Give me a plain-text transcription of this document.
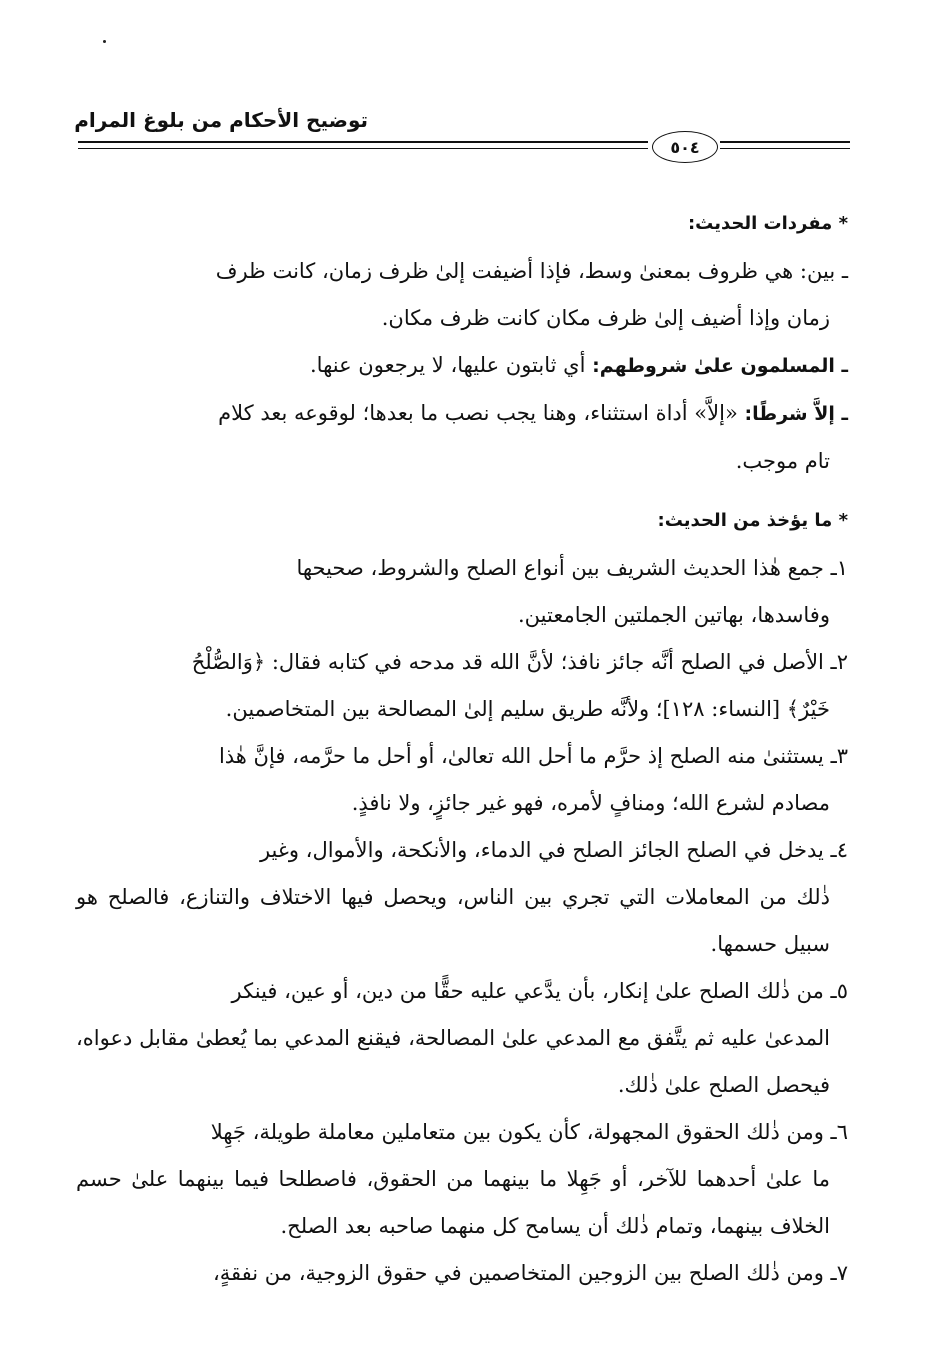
توضيح الأحكام من بلوغ المرام
٥٠٤
* مفردات الحديث:
ـ بين: هي ظروف بمعنىٰ وسط، فإذا أضيفت إلىٰ ظرف زمان، كانت ظرف
زمان وإذا أضيف إلىٰ ظرف مكان كانت ظرف مكان.
ـ المسلمون علىٰ شروطهم: أي ثابتون عليها، لا يرجعون عنها.
ـ إلاَّ شرطًا: «إلاَّ» أداة استثناء، وهنا يجب نصب ما بعدها؛ لوقوعه بعد كلام
تام موجب.
* ما يؤخذ من الحديث:
١ـ جمع هٰذا الحديث الشريف بين أنواع الصلح والشروط، صحيحها
وفاسدها، بهاتين الجملتين الجامعتين.
٢ـ الأصل في الصلح أنَّه جائز نافذ؛ لأنَّ الله قد مدحه في كتابه فقال: ﴿وَالصُّلْحُ
خَيْرٌ﴾ [النساء: ١٢٨]؛ ولأنَّه طريق سليم إلىٰ المصالحة بين المتخاصمين.
٣ـ يستثنىٰ منه الصلح إذ حرَّم ما أحل الله تعالىٰ، أو أحل ما حرَّمه، فإنَّ هٰذا
مصادم لشرع الله؛ ومنافٍ لأمره، فهو غير جائزٍ، ولا نافذٍ.
٤ـ يدخل في الصلح الجائز الصلح في الدماء، والأنكحة، والأموال، وغير
ذٰلك من المعاملات التي تجري بين الناس، ويحصل فيها الاختلاف والتنازع، فالصلح هو سبيل حسمها.
٥ـ من ذٰلك الصلح علىٰ إنكار، بأن يدَّعي عليه حقًّا من دين، أو عين، فينكر
المدعىٰ عليه ثم يتَّفق مع المدعي علىٰ المصالحة، فيقنع المدعي بما يُعطىٰ مقابل دعواه، فيحصل الصلح علىٰ ذٰلك.
٦ـ ومن ذٰلك الحقوق المجهولة، كأن يكون بين متعاملين معاملة طويلة، جَهِلا
ما علىٰ أحدهما للآخر، أو جَهِلا ما بينهما من الحقوق، فاصطلحا فيما بينهما علىٰ حسم الخلاف بينهما، وتمام ذٰلك أن يسامح كل منهما صاحبه بعد الصلح.
٧ـ ومن ذٰلك الصلح بين الزوجين المتخاصمين في حقوق الزوجية، من نفقةٍ،
